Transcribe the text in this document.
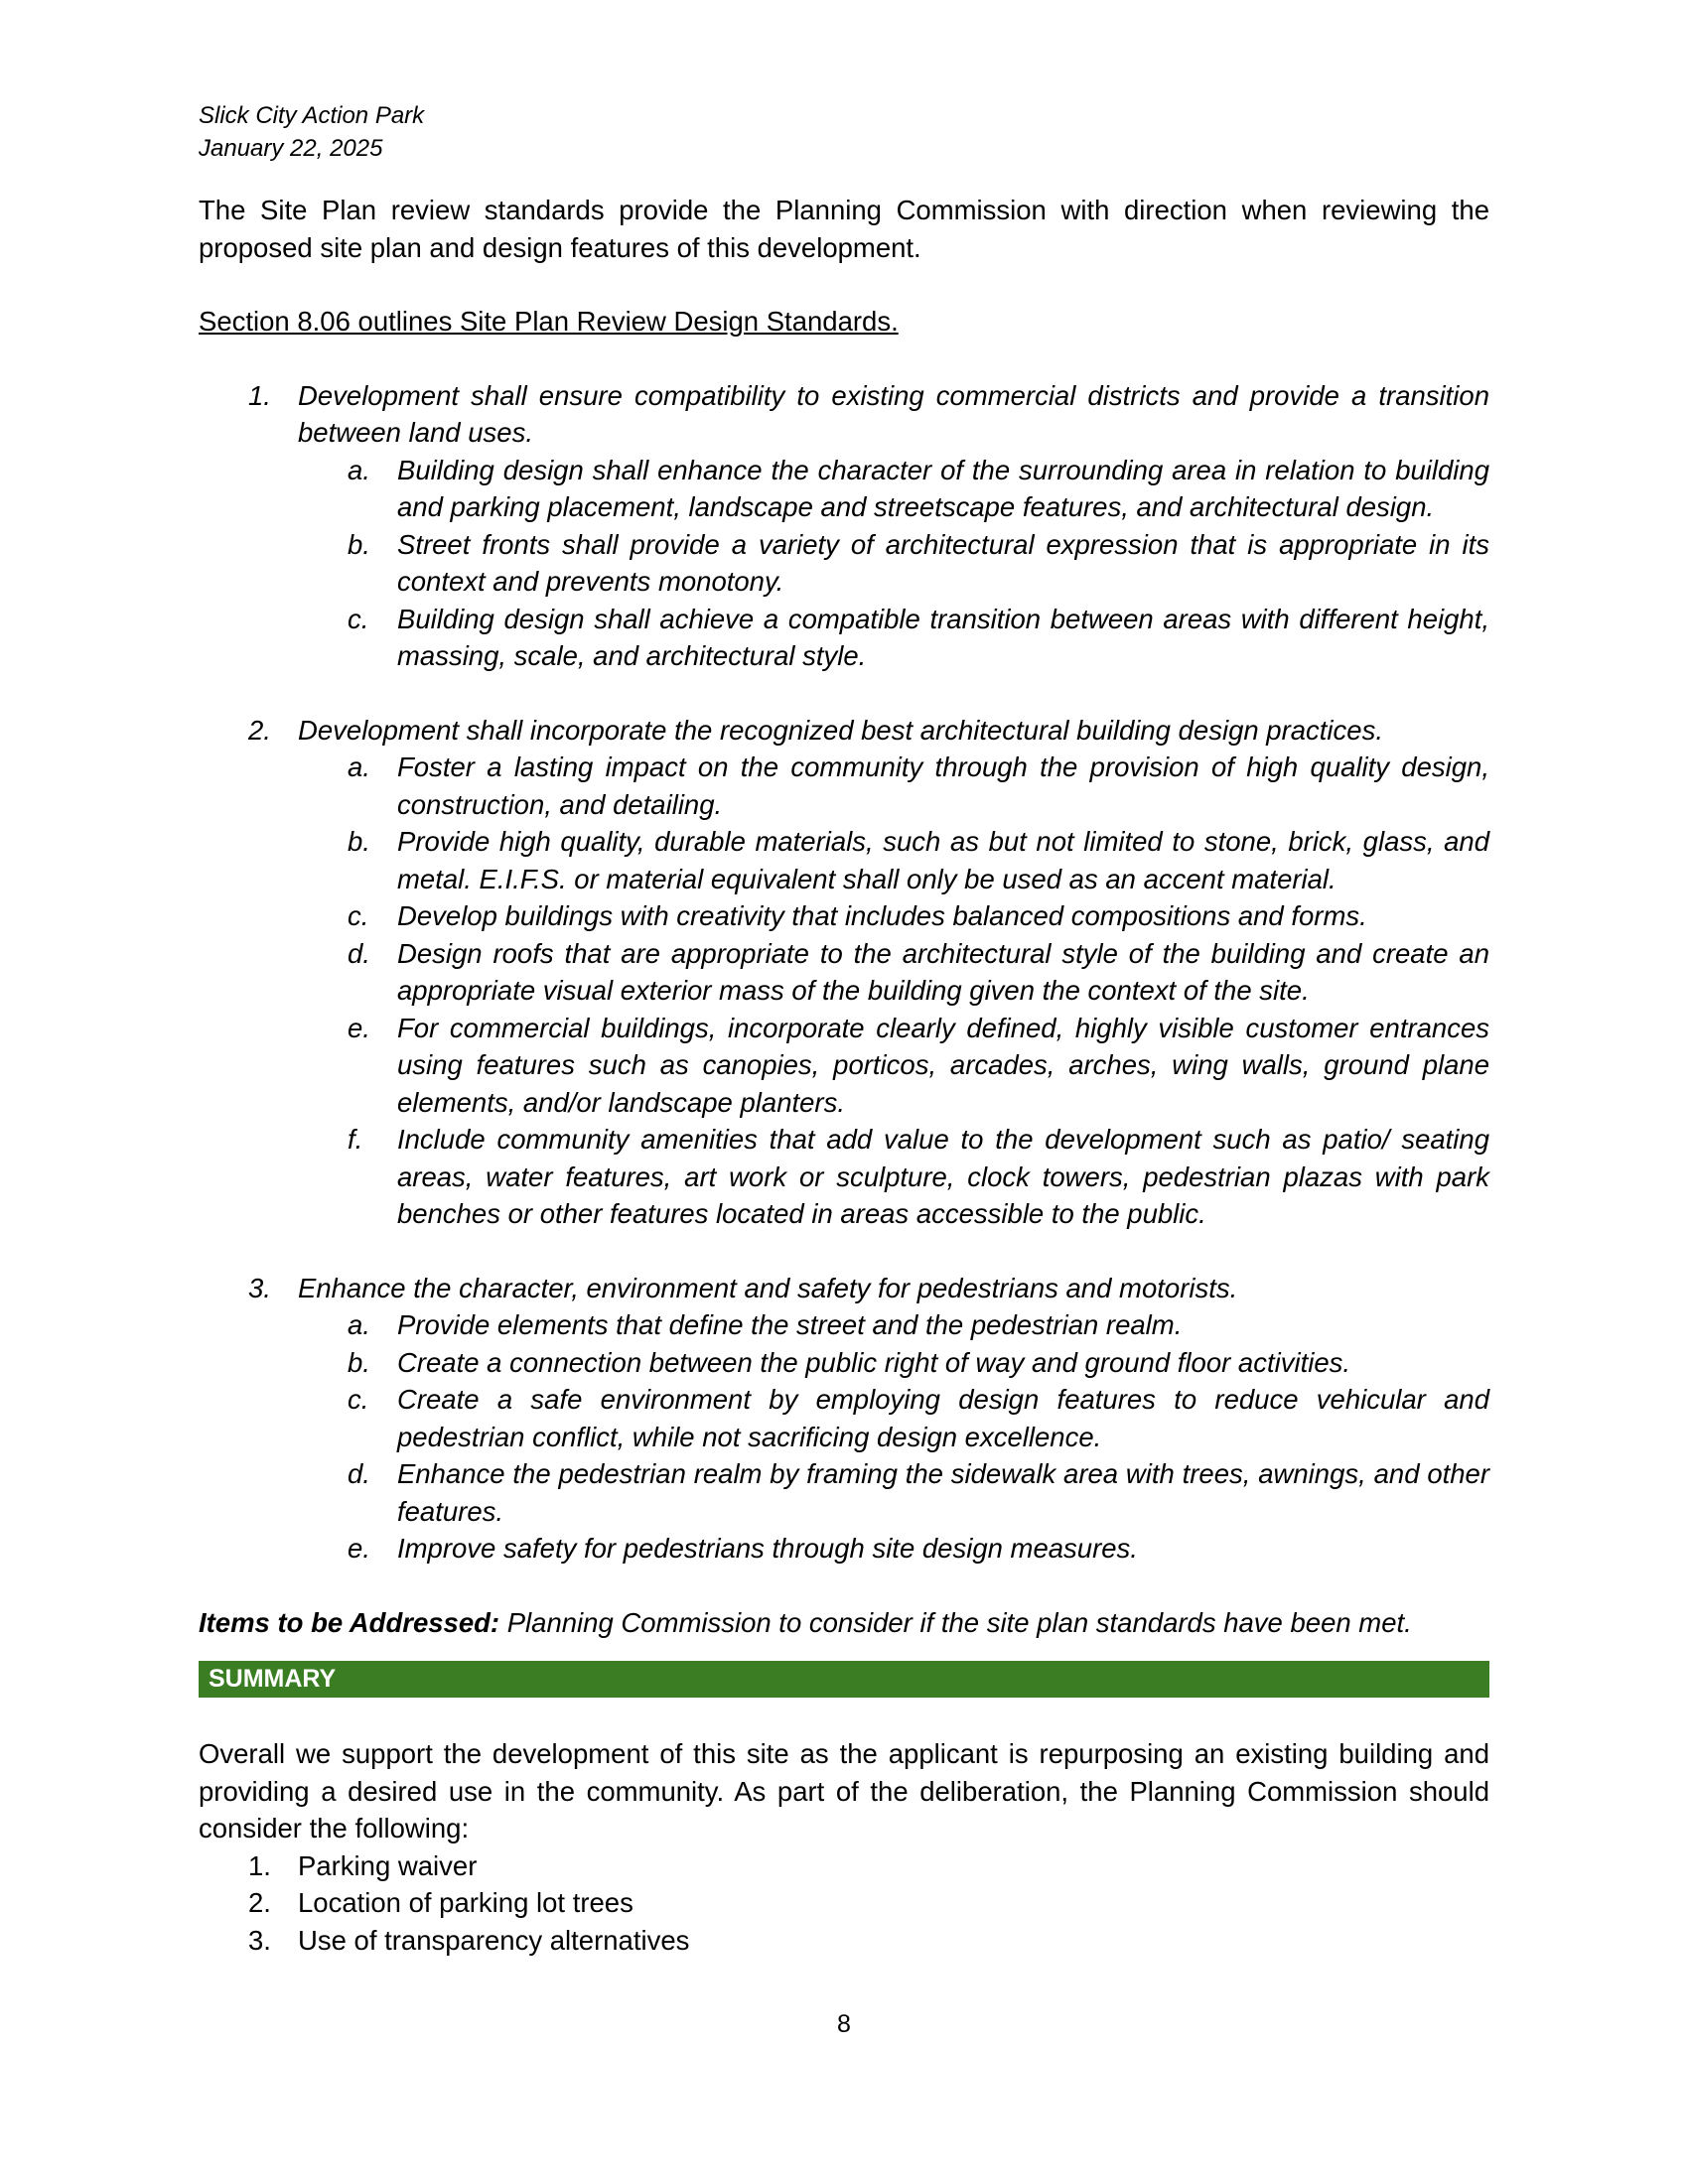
Slick City Action Park
January 22, 2025

The Site Plan review standards provide the Planning Commission with direction when reviewing the proposed site plan and design features of this development.

Section 8.06 outlines Site Plan Review Design Standards.
1. Development shall ensure compatibility to existing commercial districts and provide a transition between land uses.
a. Building design shall enhance the character of the surrounding area in relation to building and parking placement, landscape and streetscape features, and architectural design.
b. Street fronts shall provide a variety of architectural expression that is appropriate in its context and prevents monotony.
c. Building design shall achieve a compatible transition between areas with different height, massing, scale, and architectural style.
2. Development shall incorporate the recognized best architectural building design practices.
a. Foster a lasting impact on the community through the provision of high quality design, construction, and detailing.
b. Provide high quality, durable materials, such as but not limited to stone, brick, glass, and metal. E.I.F.S. or material equivalent shall only be used as an accent material.
c. Develop buildings with creativity that includes balanced compositions and forms.
d. Design roofs that are appropriate to the architectural style of the building and create an appropriate visual exterior mass of the building given the context of the site.
e. For commercial buildings, incorporate clearly defined, highly visible customer entrances using features such as canopies, porticos, arcades, arches, wing walls, ground plane elements, and/or landscape planters.
f. Include community amenities that add value to the development such as patio/ seating areas, water features, art work or sculpture, clock towers, pedestrian plazas with park benches or other features located in areas accessible to the public.
3. Enhance the character, environment and safety for pedestrians and motorists.
a. Provide elements that define the street and the pedestrian realm.
b. Create a connection between the public right of way and ground floor activities.
c. Create a safe environment by employing design features to reduce vehicular and pedestrian conflict, while not sacrificing design excellence.
d. Enhance the pedestrian realm by framing the sidewalk area with trees, awnings, and other features.
e. Improve safety for pedestrians through site design measures.
Items to be Addressed: Planning Commission to consider if the site plan standards have been met.
SUMMARY

Overall we support the development of this site as the applicant is repurposing an existing building and providing a desired use in the community. As part of the deliberation, the Planning Commission should consider the following:

1. Parking waiver
2. Location of parking lot trees
3. Use of transparency alternatives
8
